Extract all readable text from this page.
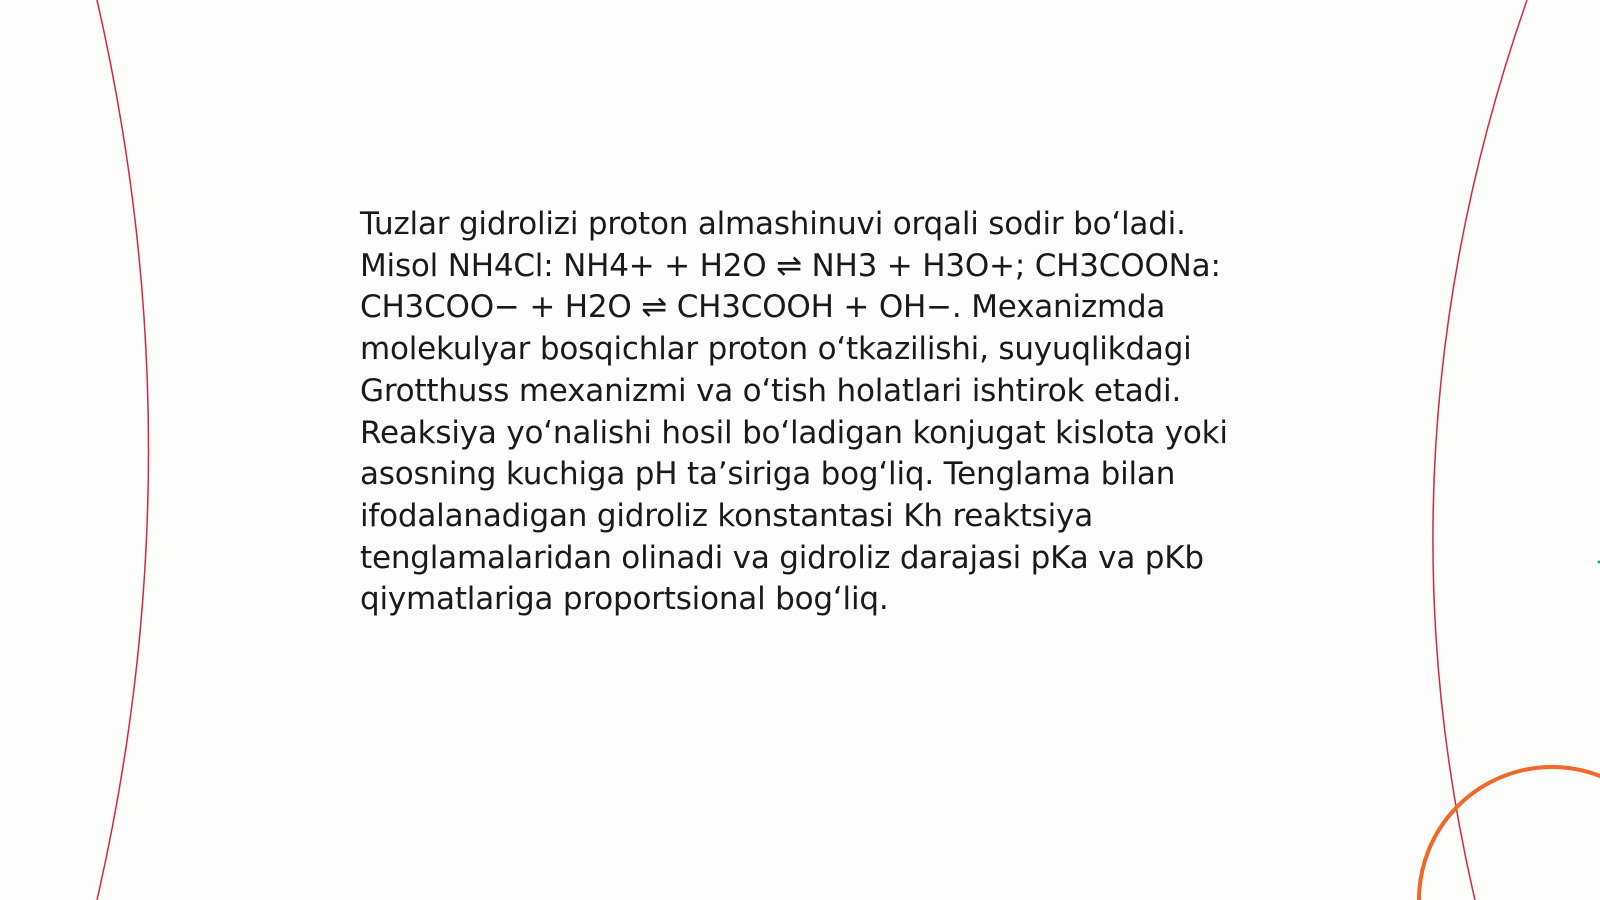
Tuzlar gidrolizi proton almashinuvi orqali sodir boʻladi. Misol NH4Cl: NH4+ + H2O ⇌ NH3 + H3O+; CH3COONa: CH3COO− + H2O ⇌ CH3COOH + OH−. Mexanizmda molekulyar bosqichlar proton oʻtkazilishi, suyuqlikdagi Grotthuss mexanizmi va oʻtish holatlari ishtirok etadi. Reaksiya yoʻnalishi hosil boʻladigan konjugat kislota yoki asosning kuchiga pH taʼsiriga bogʻliq. Tenglama bilan ifodalanadigan gidroliz konstantasi Kh reaktsiya tenglamalaridan olinadi va gidroliz darajasi pKa va pKb qiymatlariga proportsional bogʻliq.
